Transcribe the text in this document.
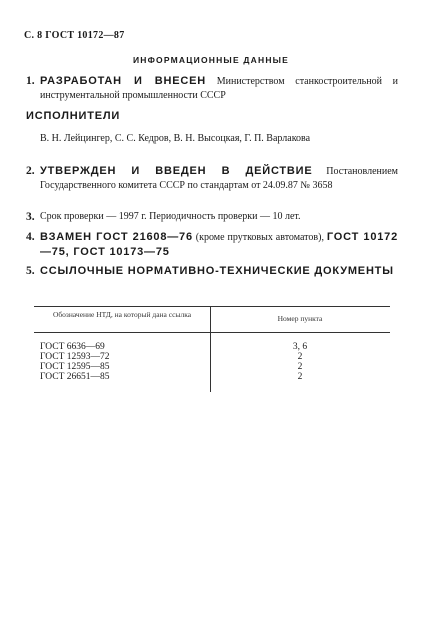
С. 8 ГОСТ 10172—87
ИНФОРМАЦИОННЫЕ ДАННЫЕ
1. РАЗРАБОТАН И ВНЕСЕН Министерством станкостроительной и инструментальной промышленности СССР
ИСПОЛНИТЕЛИ
В. Н. Лейцингер, С. С. Кедров, В. Н. Высоцкая, Г. П. Варлакова
2. УТВЕРЖДЕН И ВВЕДЕН В ДЕЙСТВИЕ Постановлением Государственного комитета СССР по стандартам от 24.09.87 № 3658
3. Срок проверки — 1997 г. Периодичность проверки — 10 лет.
4. ВЗАМЕН ГОСТ 21608—76 (кроме прутковых автоматов), ГОСТ 10172—75, ГОСТ 10173—75
5. ССЫЛОЧНЫЕ НОРМАТИВНО-ТЕХНИЧЕСКИЕ ДОКУМЕНТЫ
Обозначение НТД, на который дана ссылка	Номер пункта
ГОСТ 6636—69	3, 6
ГОСТ 12593—72	2
ГОСТ 12595—85	2
ГОСТ 26651—85	2
